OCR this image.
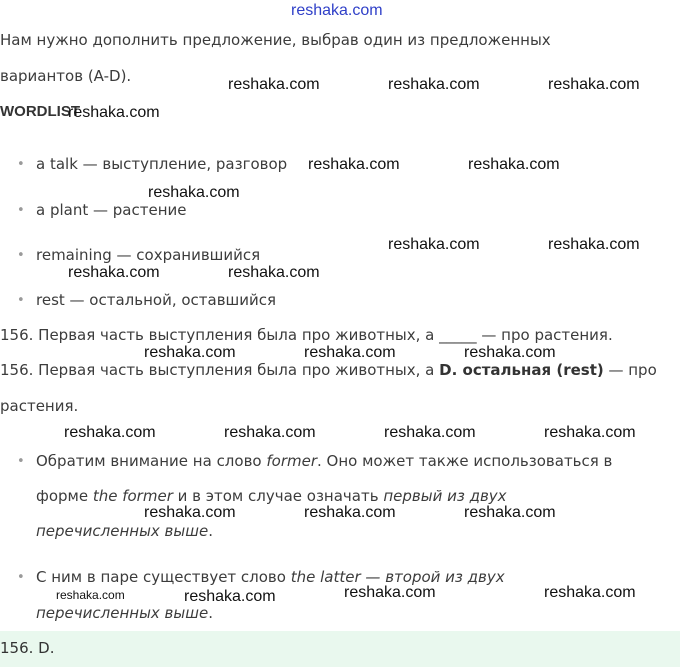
reshaka.com
Нам нужно дополнить предложение, выбрав один из предложенных
вариантов (A-D).
WORDLIST
• a talk — выступление, разговор
• a plant — растение
• remaining — сохранившийся
• rest — остальной, оставшийся
156. Первая часть выступления была про животных, а _____ — про растения.
156. Первая часть выступления была про животных, а D. остальная (rest) — про
растения.
• Обратим внимание на слово former. Оно может также использоваться в
форме the former и в этом случае означать первый из двух
перечисленных выше.
• С ним в паре существует слово the latter — второй из двух
перечисленных выше.
156. D.
reshaka.com	reshaka.com	reshaka.com
reshaka.com
reshaka.com	reshaka.com
reshaka.com
reshaka.com	reshaka.com
reshaka.com	reshaka.com
reshaka.com	reshaka.com	reshaka.com
reshaka.com	reshaka.com	reshaka.com	reshaka.com
reshaka.com	reshaka.com	reshaka.com
reshaka.com	reshaka.com	reshaka.com	reshaka.com
